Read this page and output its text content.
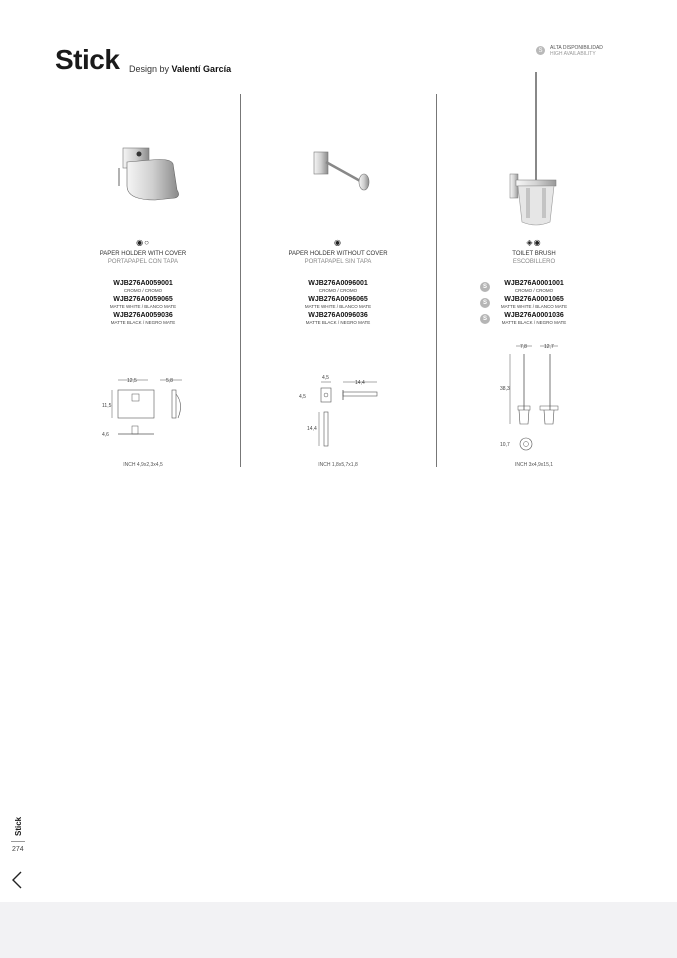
Stick Design by Valentí García
S	ALTA DISPONIBILIDAD
HIGH AVAILABILITY
◉○
PAPER HOLDER WITH COVER
PORTAPAPEL CON TAPA
WJB276A0059001
CROMO / CROMO
WJB276A0059065
MATTE WHITE / BLANCO MATE
WJB276A0059036
MATTE BLACK / NEGRO MATE
12,5	5,8
11,5
4,6
INCH 4,9x2,3x4,5
◉
PAPER HOLDER WITHOUT COVER
PORTAPAPEL SIN TAPA
WJB276A0096001
CROMO / CROMO
WJB276A0096065
MATTE WHITE / BLANCO MATE
WJB276A0096036
MATTE BLACK / NEGRO MATE
4,5
14,4
4,5
14,4
INCH 1,8x5,7x1,8
◈◉
TOILET BRUSH
ESCOBILLERO
S	WJB276A0001001
CROMO / CROMO
S	WJB276A0001065
MATTE WHITE / BLANCO MATE
S	WJB276A0001036
MATTE BLACK / NEGRO MATE
7,8	12,7
38,3
10,7
INCH 3x4,9x15,1
Stick
274
